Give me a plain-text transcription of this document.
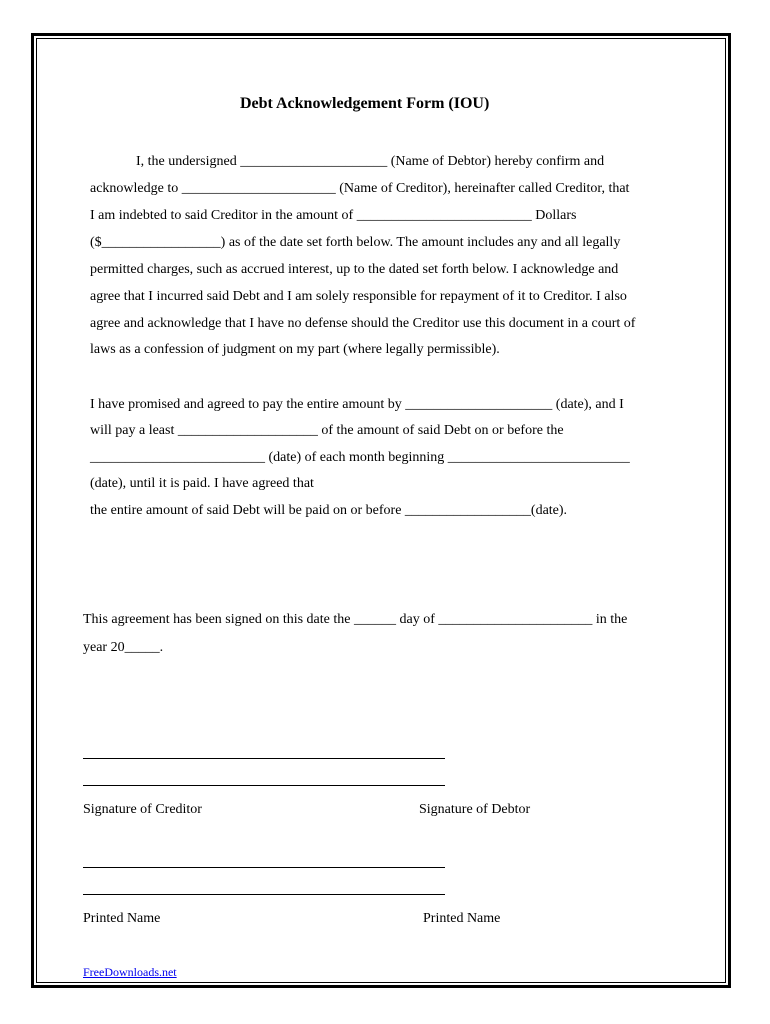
Debt Acknowledgement Form (IOU)
I, the undersigned _____________________ (Name of Debtor) hereby confirm and
acknowledge to ______________________ (Name of Creditor), hereinafter called Creditor, that
I am indebted to said Creditor in the amount of _________________________ Dollars
($_________________) as of the date set forth below. The amount includes any and all legally
permitted charges, such as accrued interest, up to the dated set forth below. I acknowledge and
agree that I incurred said Debt and I am solely responsible for repayment of it to Creditor. I also
agree and acknowledge that I have no defense should the Creditor use this document in a court of
laws as a confession of judgment on my part (where legally permissible).
I have promised and agreed to pay the entire amount by _____________________ (date), and I
will pay a least ____________________ of the amount of said Debt on or before the
_________________________ (date) of each month beginning __________________________
(date), until it is paid. I have agreed that
the entire amount of said Debt will be paid on or before __________________(date).
This agreement has been signed on this date the ______ day of ______________________ in the
year 20_____.
Signature of Creditor	Signature of Debtor
Printed Name	Printed Name
FreeDownloads.net
